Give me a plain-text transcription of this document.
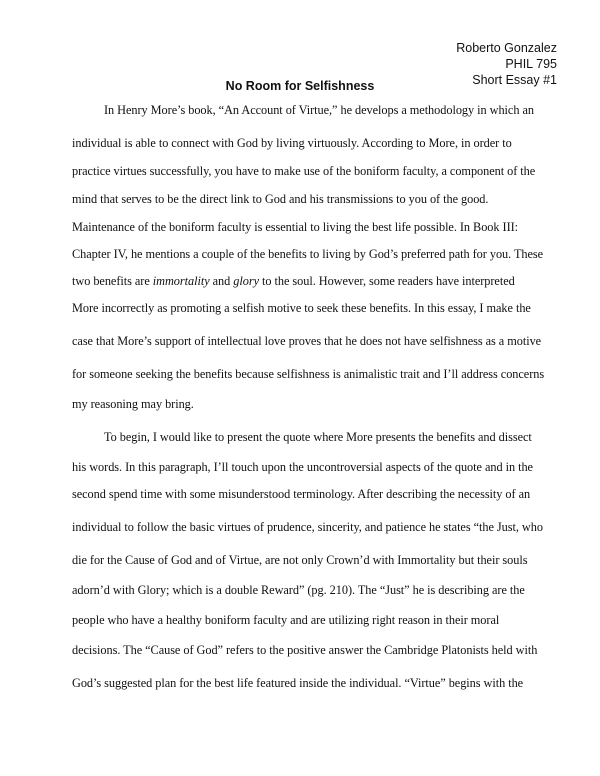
Roberto Gonzalez
PHIL 795
Short Essay #1
No Room for Selfishness
In Henry More’s book, “An Account of Virtue,” he develops a methodology in which an
individual is able to connect with God by living virtuously. According to More, in order to
practice virtues successfully, you have to make use of the boniform faculty, a component of the
mind that serves to be the direct link to God and his transmissions to you of the good.
Maintenance of the boniform faculty is essential to living the best life possible. In Book III:
Chapter IV, he mentions a couple of the benefits to living by God’s preferred path for you. These
two benefits are immortality and glory to the soul. However, some readers have interpreted
More incorrectly as promoting a selfish motive to seek these benefits. In this essay, I make the
case that More’s support of intellectual love proves that he does not have selfishness as a motive
for someone seeking the benefits because selfishness is animalistic trait and I’ll address concerns
my reasoning may bring.
To begin, I would like to present the quote where More presents the benefits and dissect
his words. In this paragraph, I’ll touch upon the uncontroversial aspects of the quote and in the
second spend time with some misunderstood terminology. After describing the necessity of an
individual to follow the basic virtues of prudence, sincerity, and patience he states “the Just, who
die for the Cause of God and of Virtue, are not only Crown’d with Immortality but their souls
adorn’d with Glory; which is a double Reward” (pg. 210). The “Just” he is describing are the
people who have a healthy boniform faculty and are utilizing right reason in their moral
decisions. The “Cause of God” refers to the positive answer the Cambridge Platonists held with
God’s suggested plan for the best life featured inside the individual. “Virtue” begins with the
